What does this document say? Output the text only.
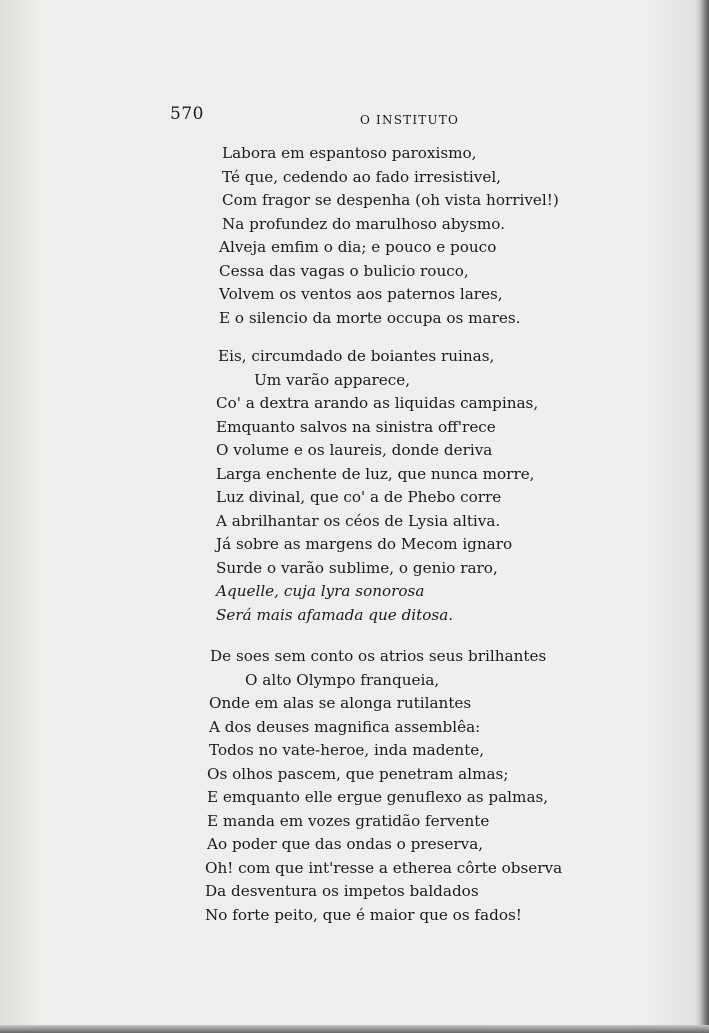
570	O INSTITUTO
Labora em espantoso paroxismo,
Té que, cedendo ao fado irresistivel,
Com fragor se despenha (oh vista horrivel!)
Na profundez do marulhoso abysmo.
Alveja emfim o dia; e pouco e pouco
Cessa das vagas o bulicio rouco,
Volvem os ventos aos paternos lares,
E o silencio da morte occupa os mares.
Eis, circumdado de boiantes ruinas,
Um varão apparece,
Co' a dextra arando as liquidas campinas,
Emquanto salvos na sinistra off'rece
O volume e os laureis, donde deriva
Larga enchente de luz, que nunca morre,
Luz divinal, que co' a de Phebo corre
A abrilhantar os céos de Lysia altiva.
Já sobre as margens do Mecom ignaro
Surde o varão sublime, o genio raro,
Aquelle, cuja lyra sonorosa
Será mais afamada que ditosa.
De soes sem conto os atrios seus brilhantes
O alto Olympo franqueia,
Onde em alas se alonga rutilantes
A dos deuses magnifica assemblêa:
Todos no vate-heroe, inda madente,
Os olhos pascem, que penetram almas;
E emquanto elle ergue genuflexo as palmas,
E manda em vozes gratidão fervente
Ao poder que das ondas o preserva,
Oh! com que int'resse a etherea côrte observa
Da desventura os impetos baldados
No forte peito, que é maior que os fados!
